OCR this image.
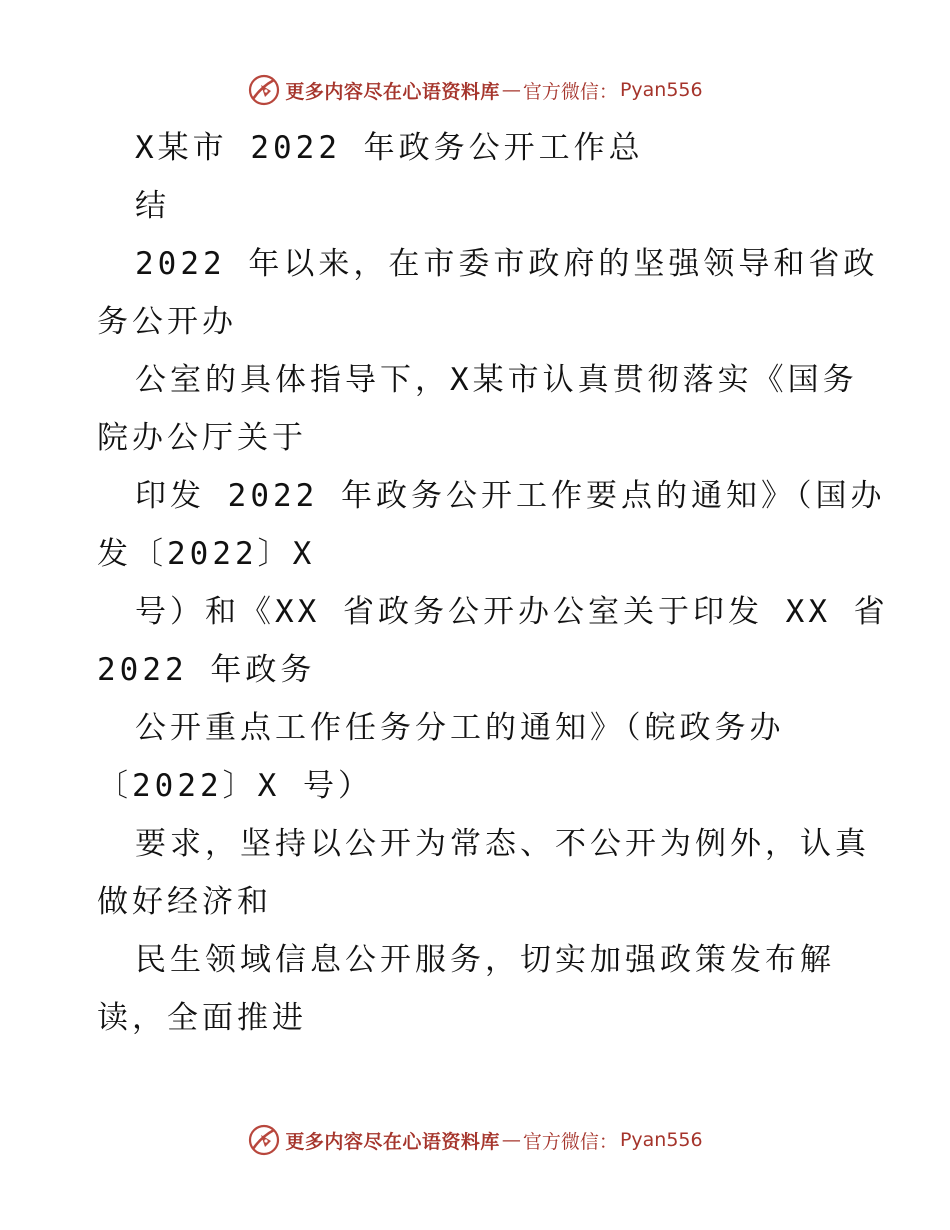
更多内容尽在心语资料库 — 官方微信： Pyan556
X某市 2022 年政务公开工作总
结
2022 年以来，在市委市政府的坚强领导和省政
务公开办
公室的具体指导下，X某市认真贯彻落实《国务
院办公厅关于
印发 2022 年政务公开工作要点的通知》（国办
发〔2022〕X
号）和《XX 省政务公开办公室关于印发 XX 省
2022 年政务
公开重点工作任务分工的通知》（皖政务办
〔2022〕X 号）
要求，坚持以公开为常态、不公开为例外，认真
做好经济和
民生领域信息公开服务，切实加强政策发布解
读，全面推进
更多内容尽在心语资料库 — 官方微信： Pyan556
